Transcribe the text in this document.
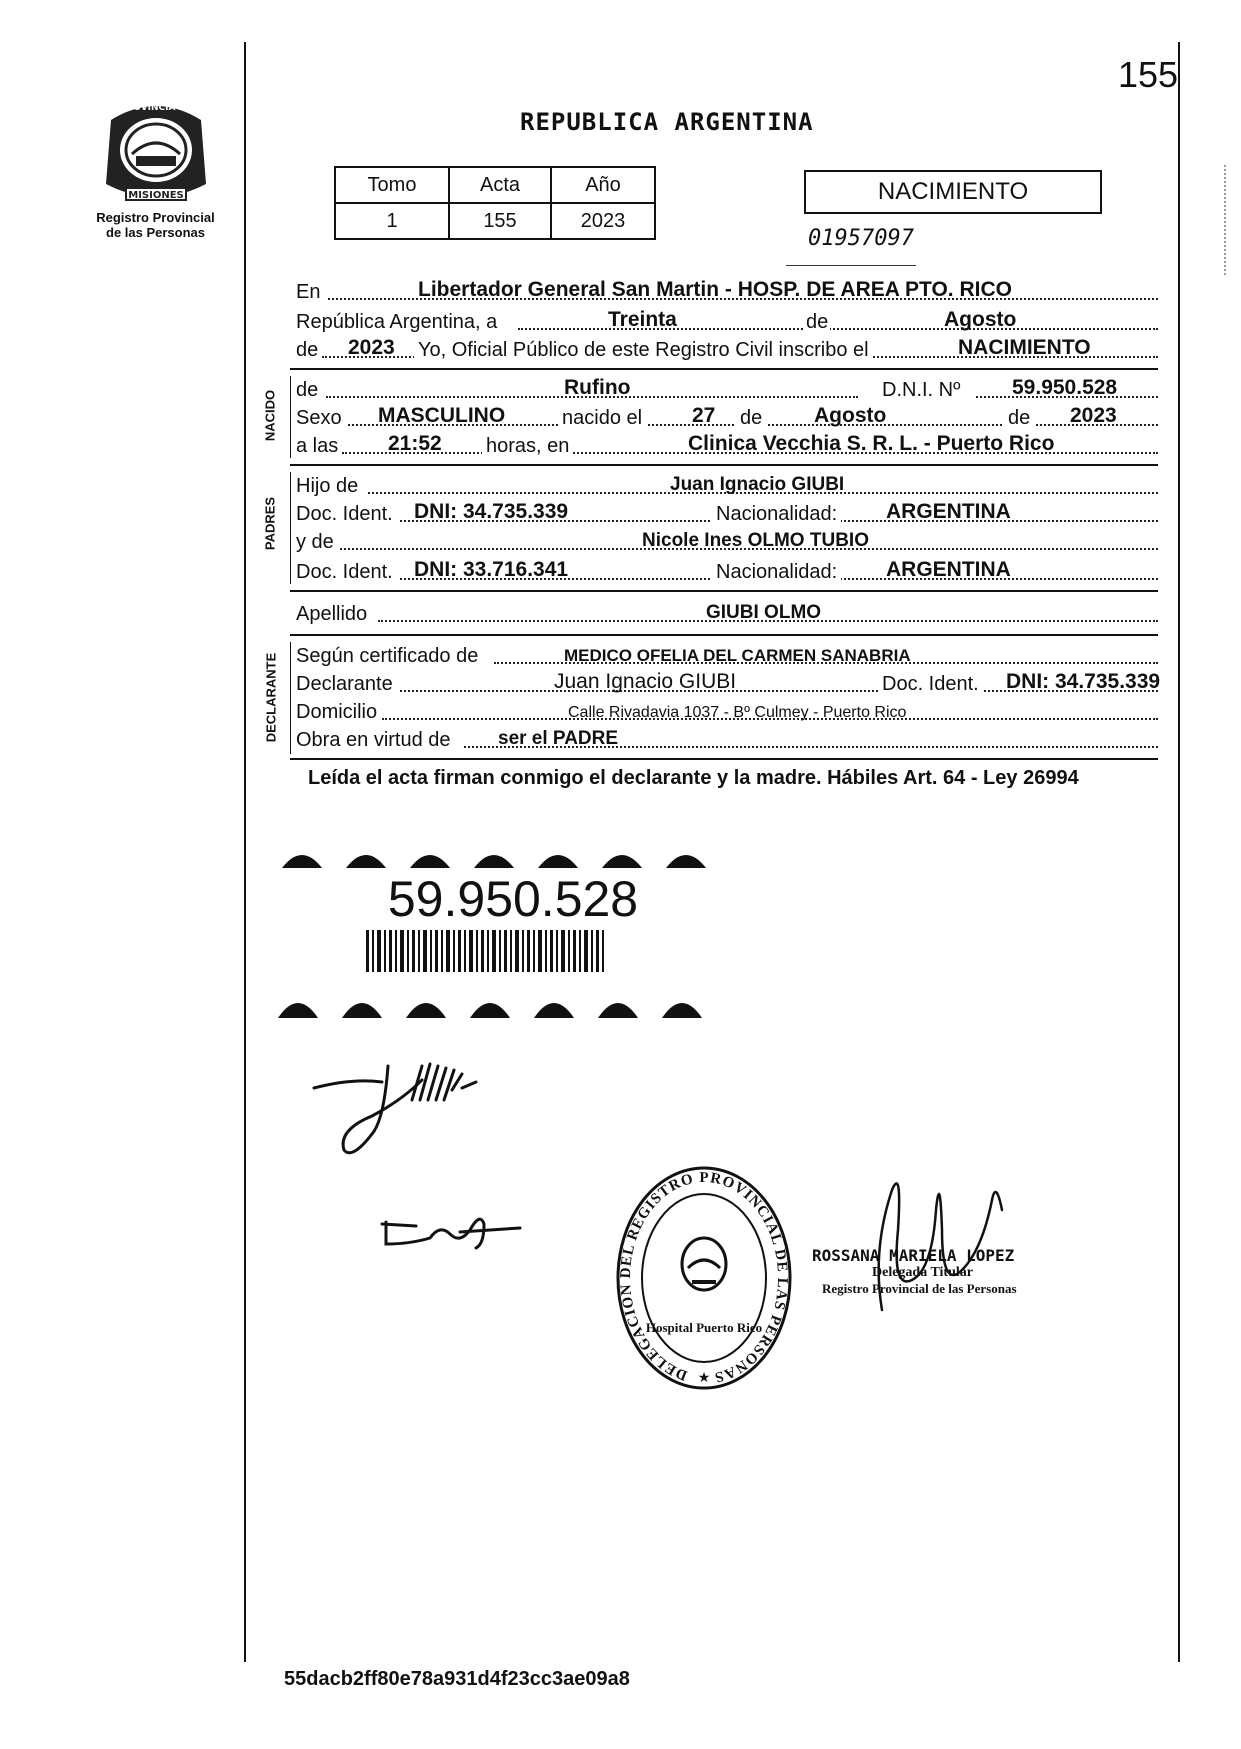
155
PROVINCIA DE
MISIONES
Registro Provincial
de las Personas
REPUBLICA ARGENTINA
Tomo	Acta	Año
1	155	2023
NACIMIENTO
01957097
En	Libertador General San Martin - HOSP. DE AREA PTO. RICO
República Argentina, a	Treinta	de	Agosto
de 2023 Yo, Oficial Público de este Registro Civil inscribo el	NACIMIENTO
NACIDO de	Rufino	D.N.I. Nº 59.950.528
Sexo MASCULINO	nacido el 27 de Agosto	de 2023
a las 21:52 horas, en	Clinica Vecchia S. R. L. - Puerto Rico
PADRES
Hijo de	Juan Ignacio GIUBI
Doc. Ident. DNI: 34.735.339	Nacionalidad: ARGENTINA
y de	Nicole Ines OLMO TUBIO
Doc. Ident. DNI: 33.716.341	Nacionalidad: ARGENTINA
Apellido	GIUBI OLMO
DECLARANTE Según certificado de	MEDICO OFELIA DEL CARMEN SANABRIA
Declarante	Juan Ignacio GIUBI	Doc. Ident. DNI: 34.735.339
Domicilio	Calle Rivadavia 1037 - Bº Culmey - Puerto Rico
Obra en virtud de ser el PADRE
Leída el acta firman conmigo el declarante y la madre. Hábiles Art. 64 - Ley 26994
59.950.528
DELEGACIÓN DEL REGISTRO PROVINCIAL DE LAS PERSONAS
Hospital Puerto Rico
★
ROSSANA MARIELA LOPEZ
Delegada Titular
Registro Provincial de las Personas
55dacb2ff80e78a931d4f23cc3ae09a8
